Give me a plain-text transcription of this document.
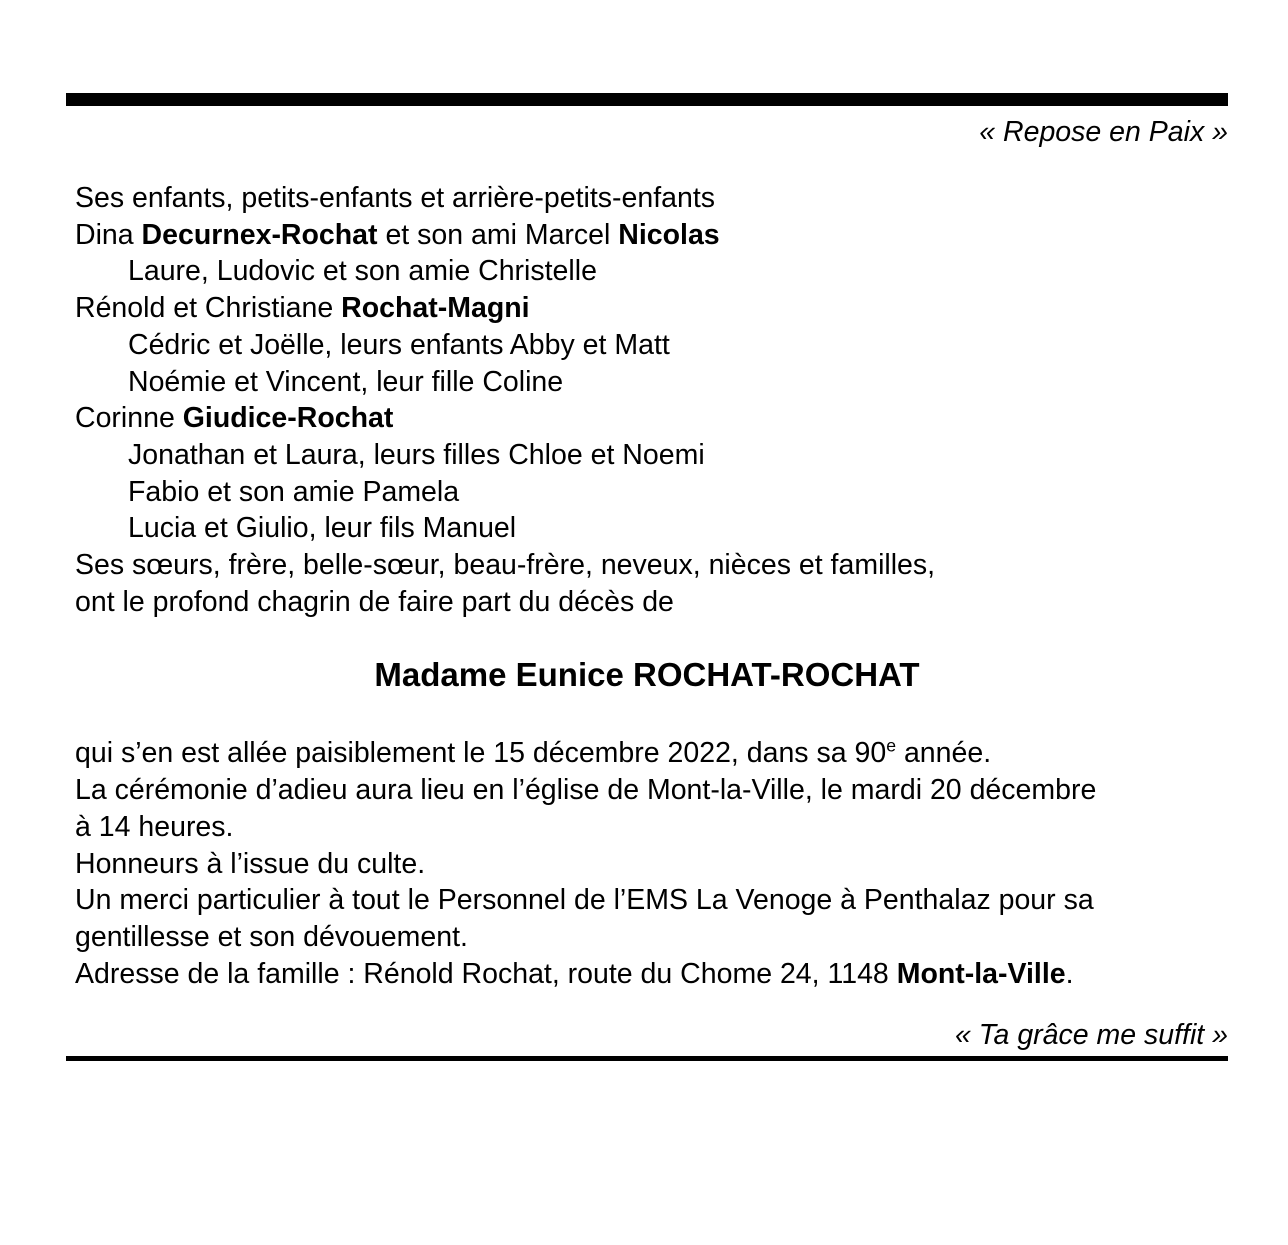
« Repose en Paix »
Ses enfants, petits-enfants et arrière-petits-enfants
Dina Decurnex-Rochat et son ami Marcel Nicolas
Laure, Ludovic et son amie Christelle
Rénold et Christiane Rochat-Magni
Cédric et Joëlle, leurs enfants Abby et Matt
Noémie et Vincent, leur fille Coline
Corinne Giudice-Rochat
Jonathan et Laura, leurs filles Chloe et Noemi
Fabio et son amie Pamela
Lucia et Giulio, leur fils Manuel
Ses sœurs, frère, belle-sœur, beau-frère, neveux, nièces et familles,
ont le profond chagrin de faire part du décès de
Madame Eunice ROCHAT-ROCHAT
qui s’en est allée paisiblement le 15 décembre 2022, dans sa 90e année.
La cérémonie d’adieu aura lieu en l’église de Mont-la-Ville, le mardi 20 décembre
à 14 heures.
Honneurs à l’issue du culte.
Un merci particulier à tout le Personnel de l’EMS La Venoge à Penthalaz pour sa
gentillesse et son dévouement.
Adresse de la famille : Rénold Rochat, route du Chome 24, 1148 Mont-la-Ville.
« Ta grâce me suffit »
